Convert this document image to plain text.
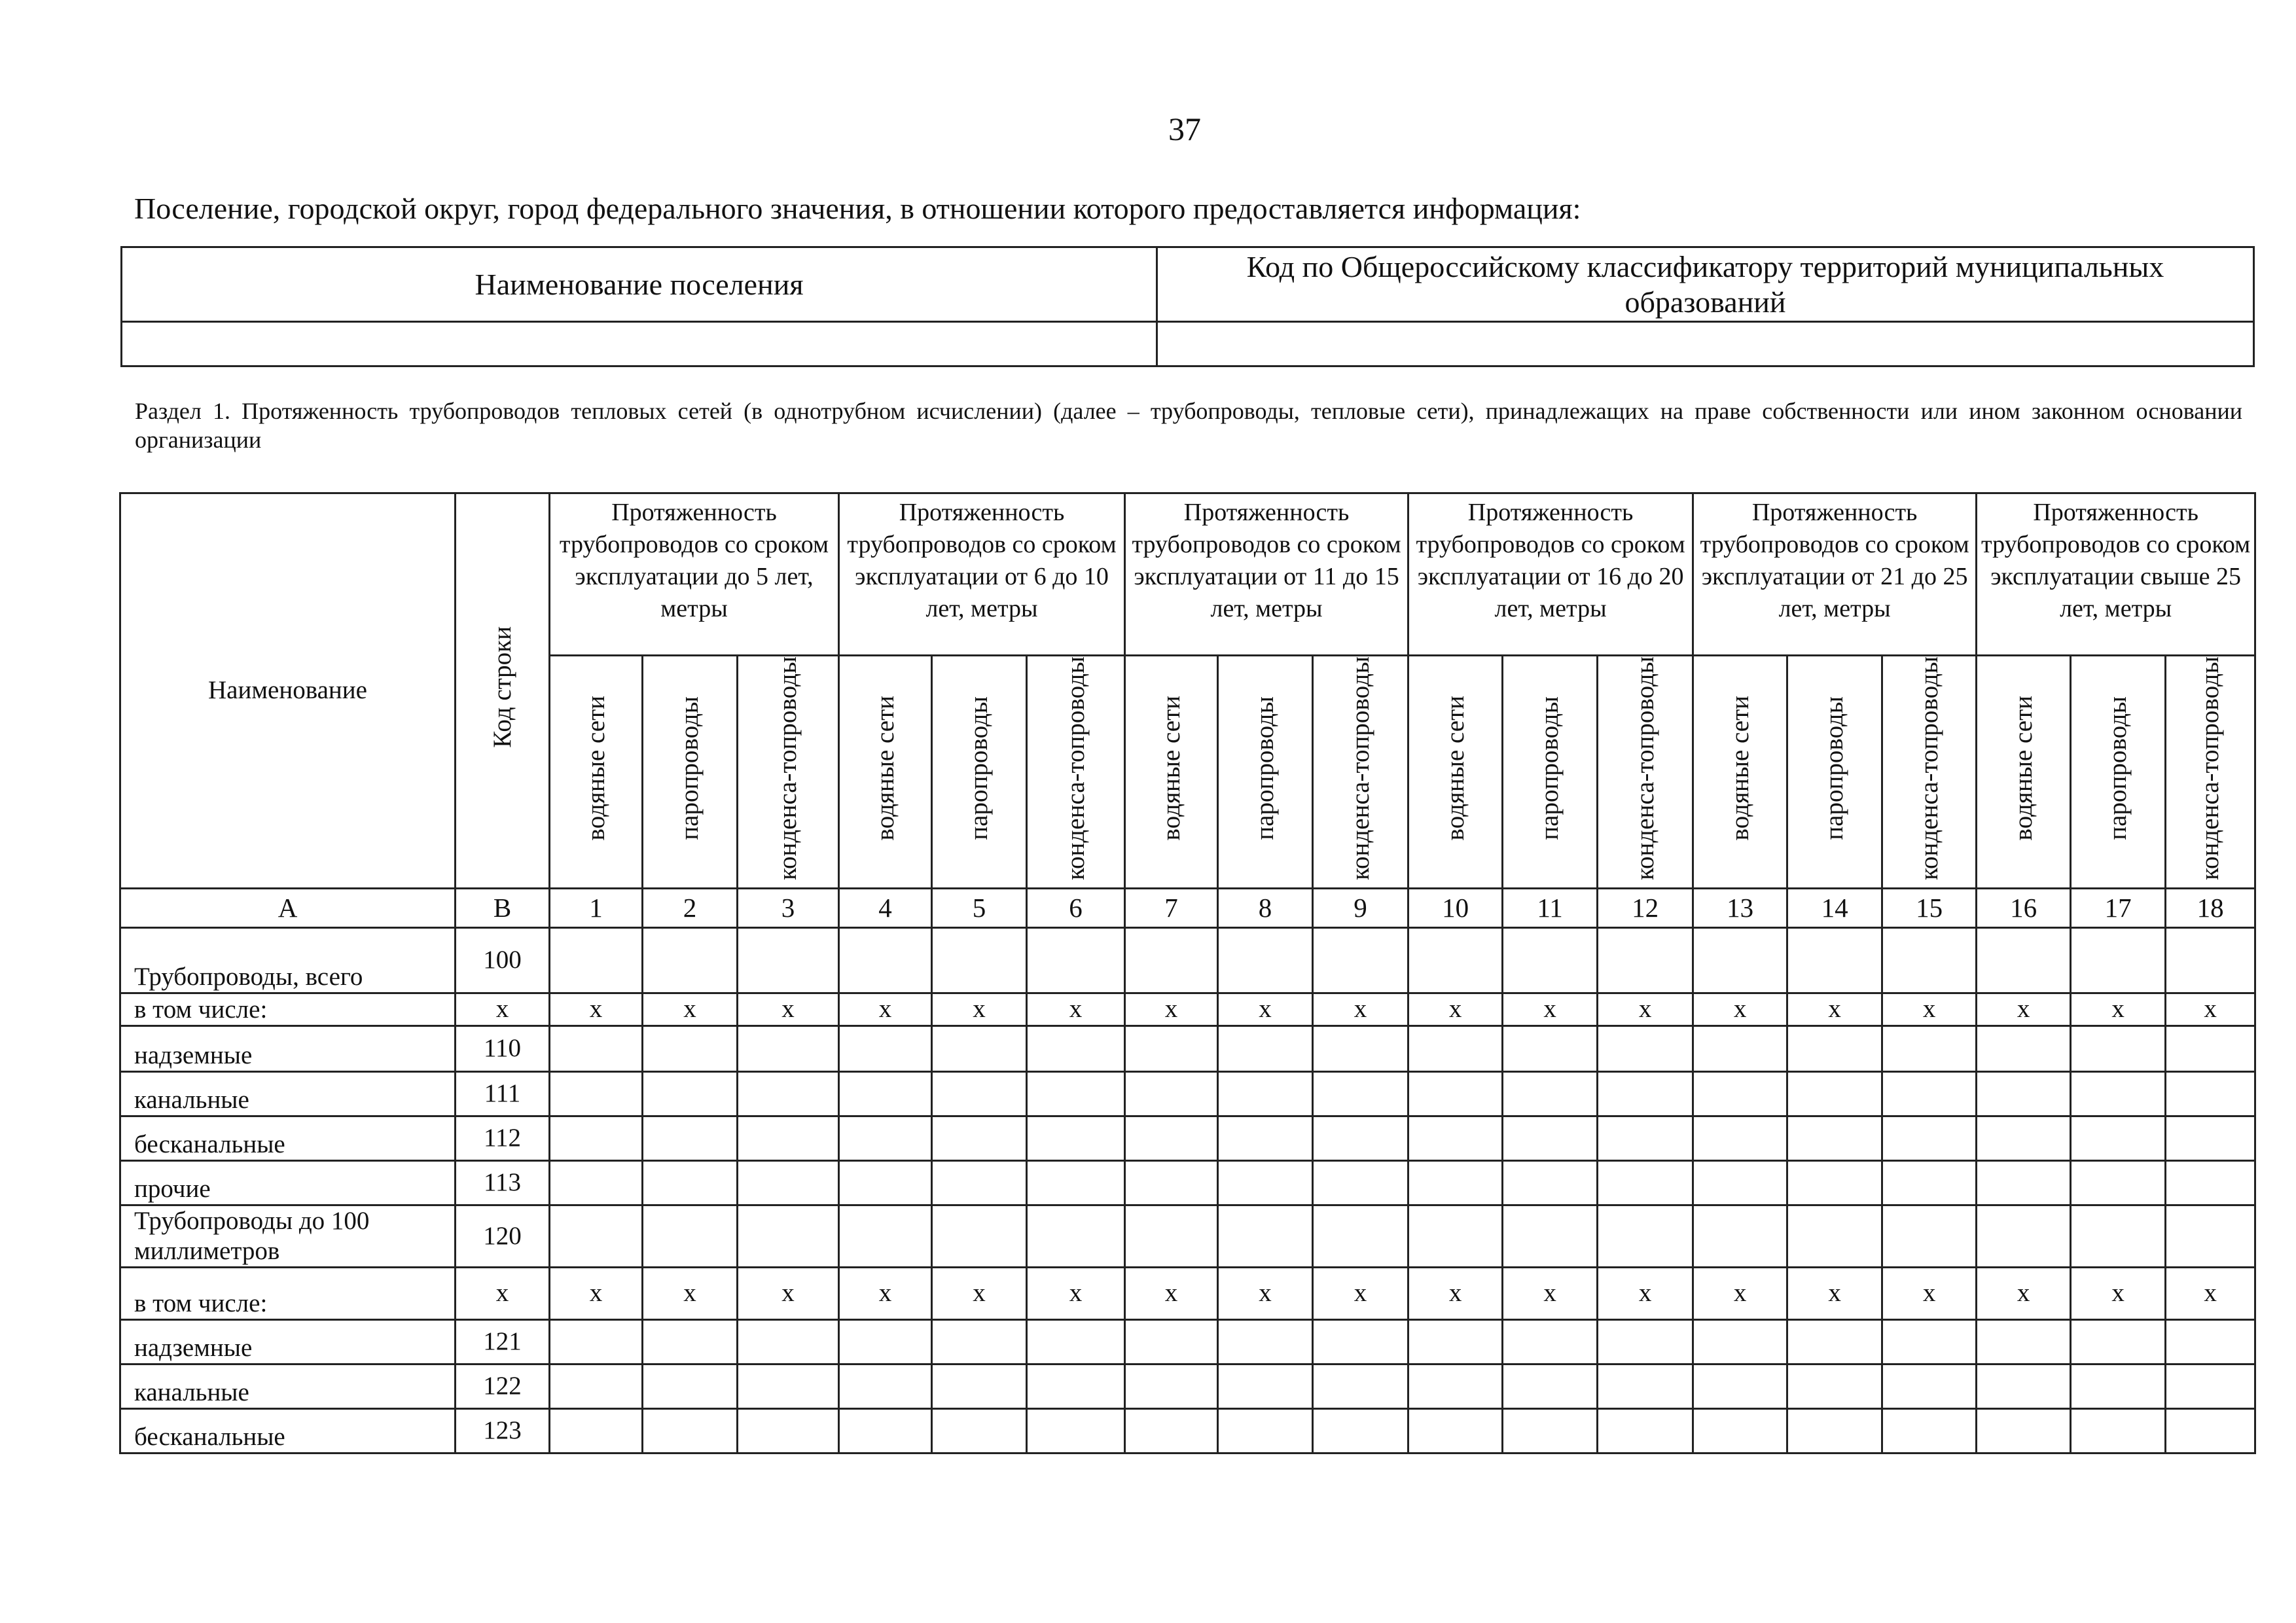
37
Поселение, городской округ, город федерального значения, в отношении которого предоставляется информация:
Наименование поселения	Код по Общероссийскому классификатору территорий муниципальных образований

Раздел 1. Протяженность трубопроводов тепловых сетей (в однотрубном исчислении) (далее – трубопроводы, тепловые сети), принадлежащих на праве собственности или ином законном основании организации
Наименование	Код строки	Протяженность трубопроводов со сроком эксплуатации до 5 лет, метры			Протяженность трубопроводов со сроком эксплуатации от 6 до 10 лет, метры			Протяженность трубопроводов со сроком эксплуатации от 11 до 15 лет, метры			Протяженность трубопроводов со сроком эксплуатации от 16 до 20 лет, метры			Протяженность трубопроводов со сроком эксплуатации от 21 до 25 лет, метры			Протяженность трубопроводов со сроком эксплуатации свыше 25 лет, метры		
		водяные сети	паропроводы	конденса-топроводы	водяные сети	паропроводы	конденса-топроводы	водяные сети	паропроводы	конденса-топроводы	водяные сети	паропроводы	конденса-топроводы	водяные сети	паропроводы	конденса-топроводы	водяные сети	паропроводы	конденса-топроводы
А	В	1	2	3	4	5	6	7	8	9	10	11	12	13	14	15	16	17	18
Трубопроводы, всего	100																		
в том числе:	х	х	х	х	х	х	х	х	х	х	х	х	х	х	х	х	х	х	х
надземные	110																		
канальные	111																		
бесканальные	112																		
прочие	113																		
Трубопроводы до 100 миллиметров	120																		
в том числе:	х	х	х	х	х	х	х	х	х	х	х	х	х	х	х	х	х	х	х
надземные	121																		
канальные	122																		
бесканальные	123																		
